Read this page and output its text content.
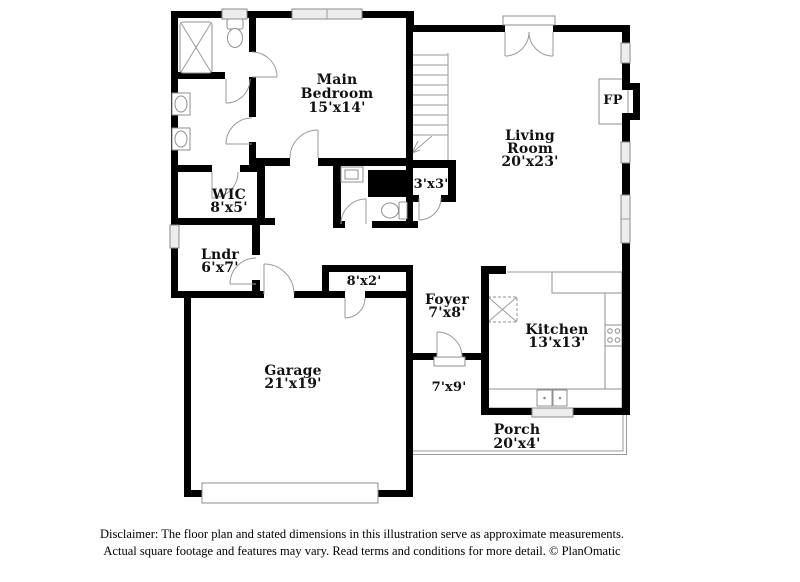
Main
Bedroom
15'x14'
WIC
8'x5'
Lndr
6'x7'
3'x3'
Living
Room
20'x23'
FP
8'x2'
Foyer
7'x8'
Kitchen
13'x13'
Garage
21'x19'	7'x9'
Porch
20'x4'
Disclaimer: The floor plan and stated dimensions in this illustration serve as approximate measurements.
Actual square footage and features may vary. Read terms and conditions for more detail. © PlanOmatic
